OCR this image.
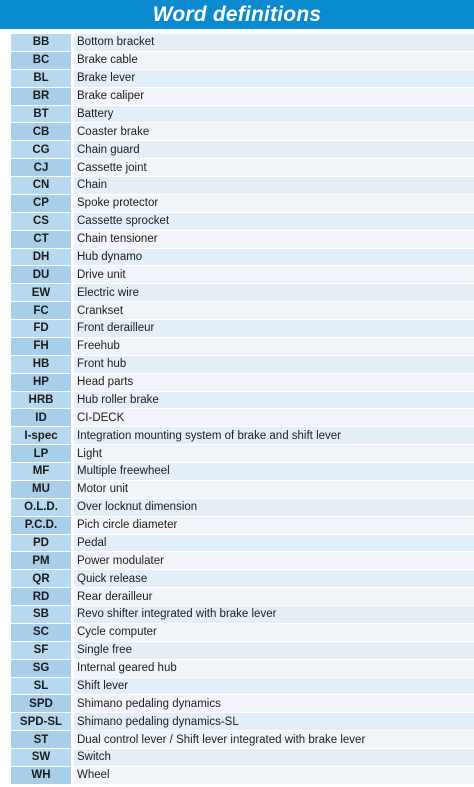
Word definitions
BB	Bottom bracket
BC	Brake cable
BL	Brake lever
BR	Brake caliper
BT	Battery
CB	Coaster brake
CG	Chain guard
CJ	Cassette joint
CN	Chain
CP	Spoke protector
CS	Cassette sprocket
CT	Chain tensioner
DH	Hub dynamo
DU	Drive unit
EW	Electric wire
FC	Crankset
FD	Front derailleur
FH	Freehub
HB	Front hub
HP	Head parts
HRB	Hub roller brake
ID	CI-DECK
I-spec	Integration mounting system of brake and shift lever
LP	Light
MF	Multiple freewheel
MU	Motor unit
O.L.D.	Over locknut dimension
P.C.D.	Pich circle diameter
PD	Pedal
PM	Power modulater
QR	Quick release
RD	Rear derailleur
SB	Revo shifter integrated with brake lever
SC	Cycle computer
SF	Single free
SG	Internal geared hub
SL	Shift lever
SPD	Shimano pedaling dynamics
SPD-SL	Shimano pedaling dynamics-SL
ST	Dual control lever / Shift lever integrated with brake lever
SW	Switch
WH	Wheel
